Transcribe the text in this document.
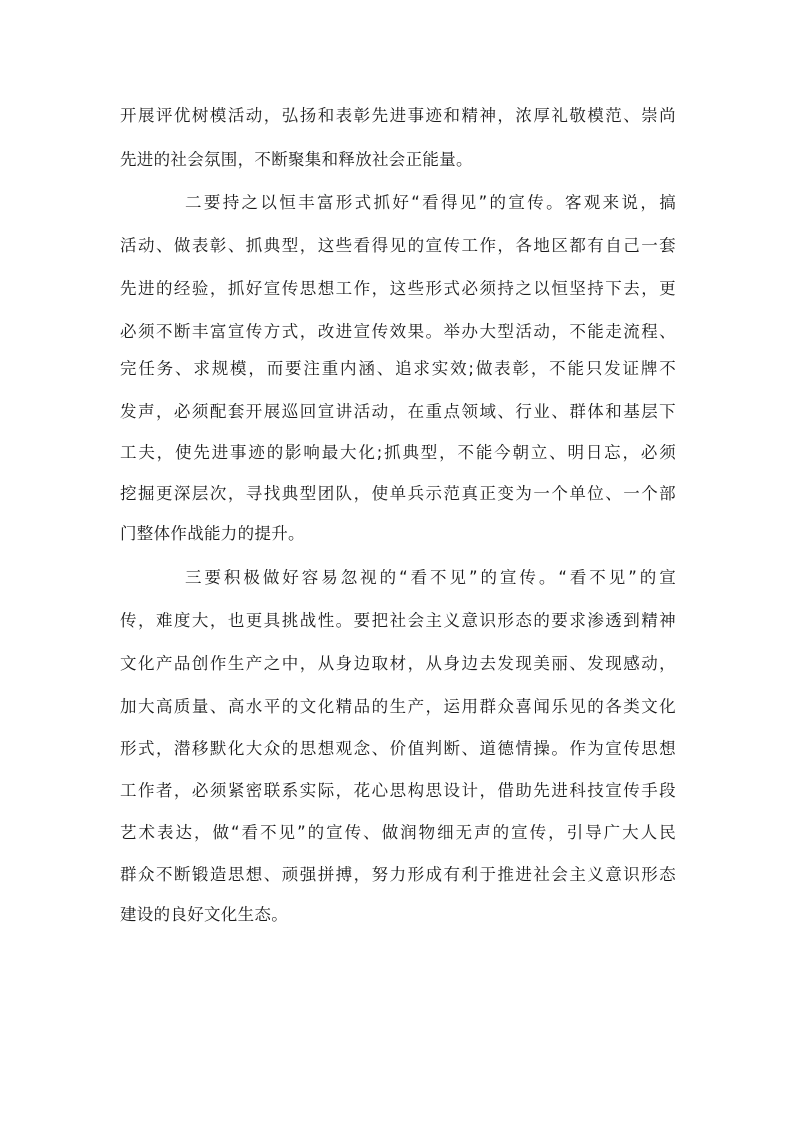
开展评优树模活动，弘扬和表彰先进事迹和精神，浓厚礼敬模范、崇尚
先进的社会氛围，不断聚集和释放社会正能量。
二要持之以恒丰富形式抓好“看得见”的宣传。客观来说，搞
活动、做表彰、抓典型，这些看得见的宣传工作，各地区都有自己一套
先进的经验，抓好宣传思想工作，这些形式必须持之以恒坚持下去，更
必须不断丰富宣传方式，改进宣传效果。举办大型活动，不能走流程、
完任务、求规模，而要注重内涵、追求实效;做表彰，不能只发证牌不
发声，必须配套开展巡回宣讲活动，在重点领域、行业、群体和基层下
工夫，使先进事迹的影响最大化;抓典型，不能今朝立、明日忘，必须
挖掘更深层次，寻找典型团队，使单兵示范真正变为一个单位、一个部
门整体作战能力的提升。
三要积极做好容易忽视的“看不见”的宣传。“看不见”的宣
传，难度大，也更具挑战性。要把社会主义意识形态的要求渗透到精神
文化产品创作生产之中，从身边取材，从身边去发现美丽、发现感动，
加大高质量、高水平的文化精品的生产，运用群众喜闻乐见的各类文化
形式，潜移默化大众的思想观念、价值判断、道德情操。作为宣传思想
工作者，必须紧密联系实际，花心思构思设计，借助先进科技宣传手段
艺术表达，做“看不见”的宣传、做润物细无声的宣传，引导广大人民
群众不断锻造思想、顽强拼搏，努力形成有利于推进社会主义意识形态
建设的良好文化生态。
